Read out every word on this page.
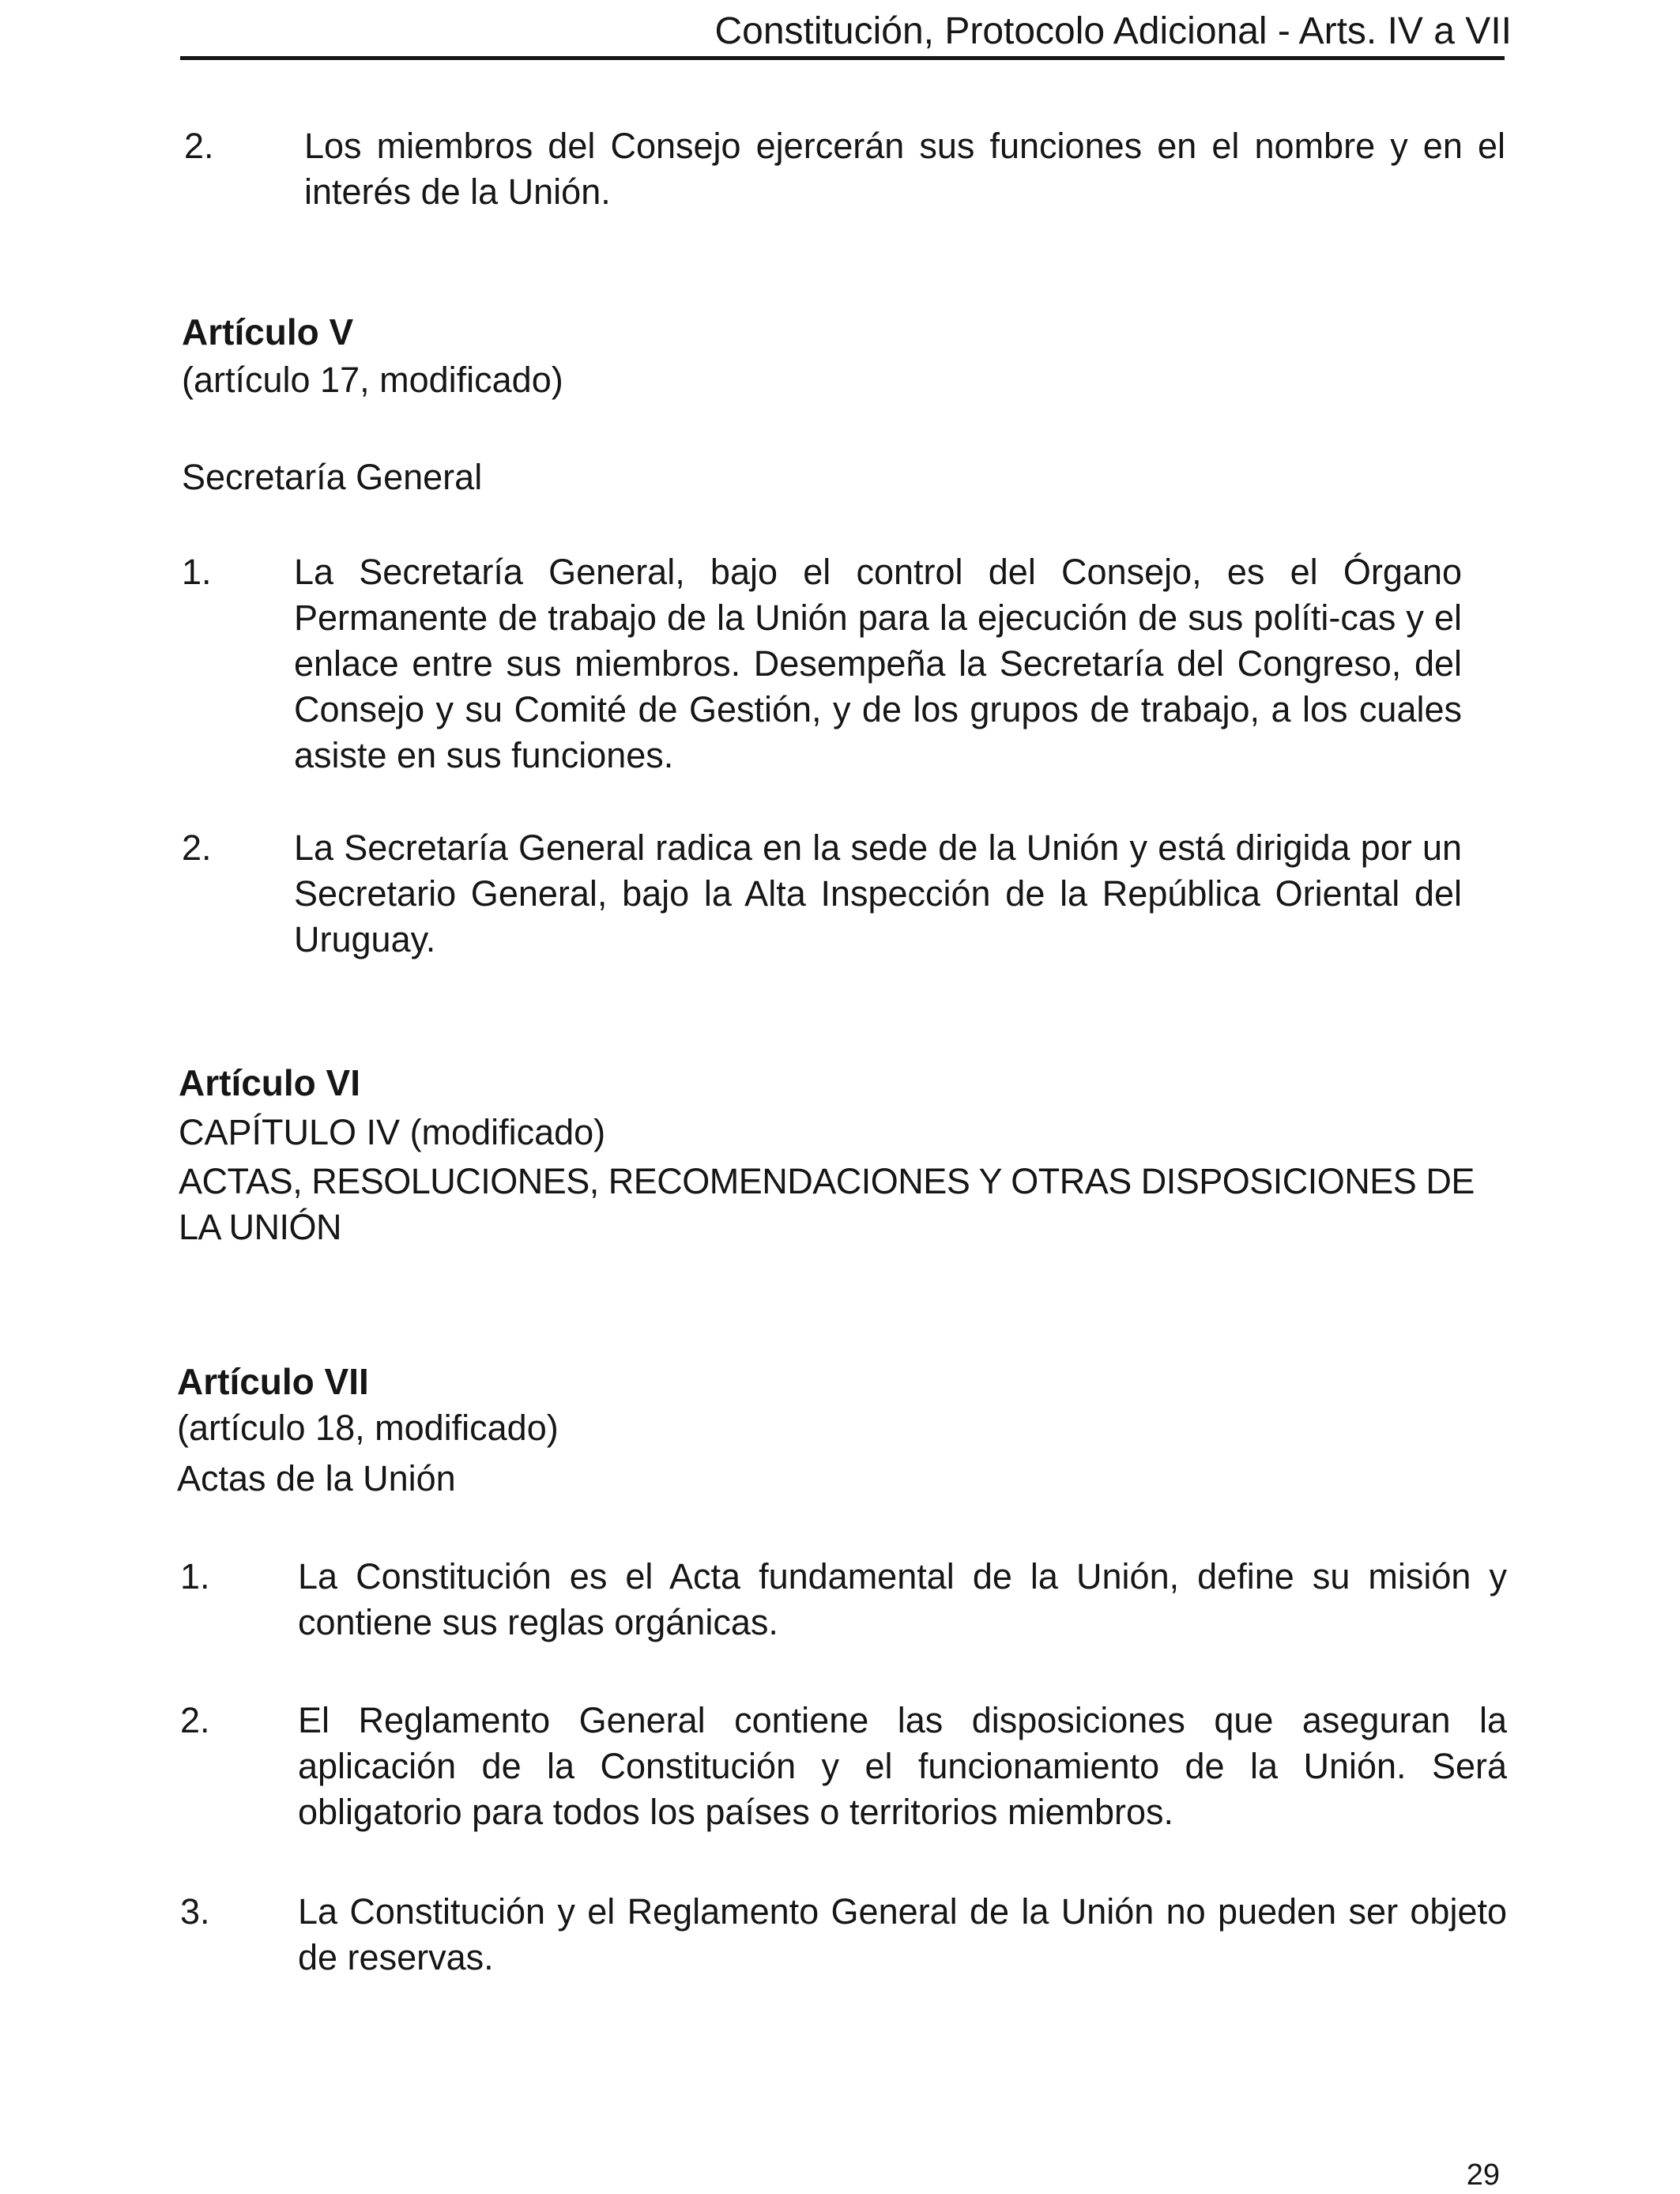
Constitución, Protocolo Adicional - Arts. IV a VII
2.	Los miembros del Consejo ejercerán sus funciones en el nombre y en el interés de la Unión.
Artículo V
(artículo 17, modificado)
Secretaría General
1. La Secretaría General, bajo el control del Consejo, es el Órgano Permanente de trabajo de la Unión para la ejecución de sus políti-cas y el enlace entre sus miembros. Desempeña la Secretaría del Congreso, del Consejo y su Comité de Gestión, y de los grupos de trabajo, a los cuales asiste en sus funciones.
2. La Secretaría General radica en la sede de la Unión y está dirigida por un Secretario General, bajo la Alta Inspección de la República Oriental del Uruguay.
Artículo VI
CAPÍTULO IV (modificado)
ACTAS, RESOLUCIONES, RECOMENDACIONES Y OTRAS DISPOSICIONES DE LA UNIÓN
Artículo VII
(artículo 18, modificado)
Actas de la Unión
1. La Constitución es el Acta fundamental de la Unión, define su misión y contiene sus reglas orgánicas.
2. El Reglamento General contiene las disposiciones que aseguran la aplicación de la Constitución y el funcionamiento de la Unión. Será obligatorio para todos los países o territorios miembros.
3. La Constitución y el Reglamento General de la Unión no pueden ser objeto de reservas.
29
